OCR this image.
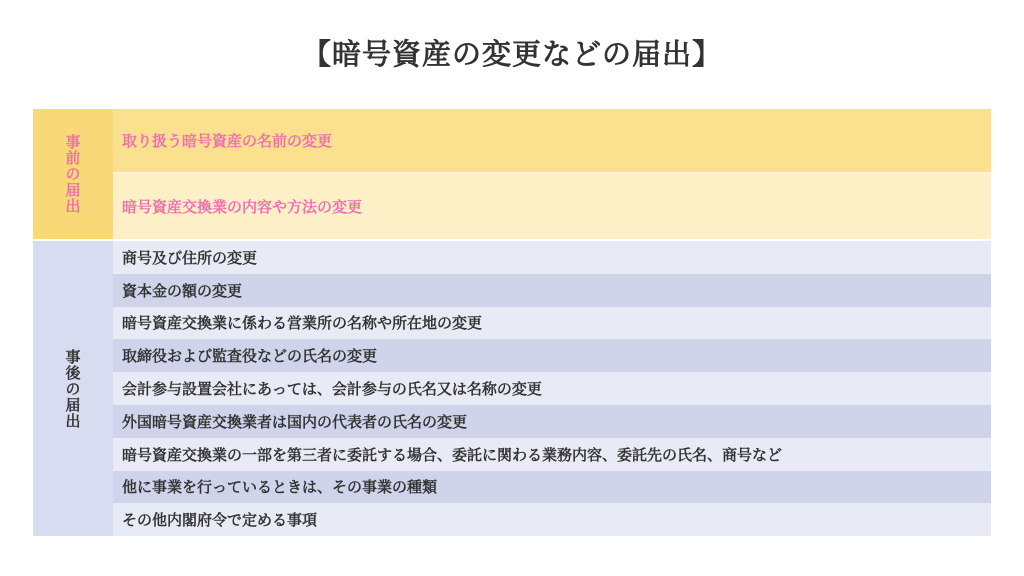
【暗号資産の変更などの届出】
事前の届出	取り扱う暗号資産の名前の変更
暗号資産交換業の内容や方法の変更
事後の届出
商号及び住所の変更
資本金の額の変更
暗号資産交換業に係わる営業所の名称や所在地の変更
取締役および監査役などの氏名の変更
会計参与設置会社にあっては、会計参与の氏名又は名称の変更
外国暗号資産交換業者は国内の代表者の氏名の変更
暗号資産交換業の一部を第三者に委託する場合、委託に関わる業務内容、委託先の氏名、商号など
他に事業を行っているときは、その事業の種類
その他内閣府令で定める事項
